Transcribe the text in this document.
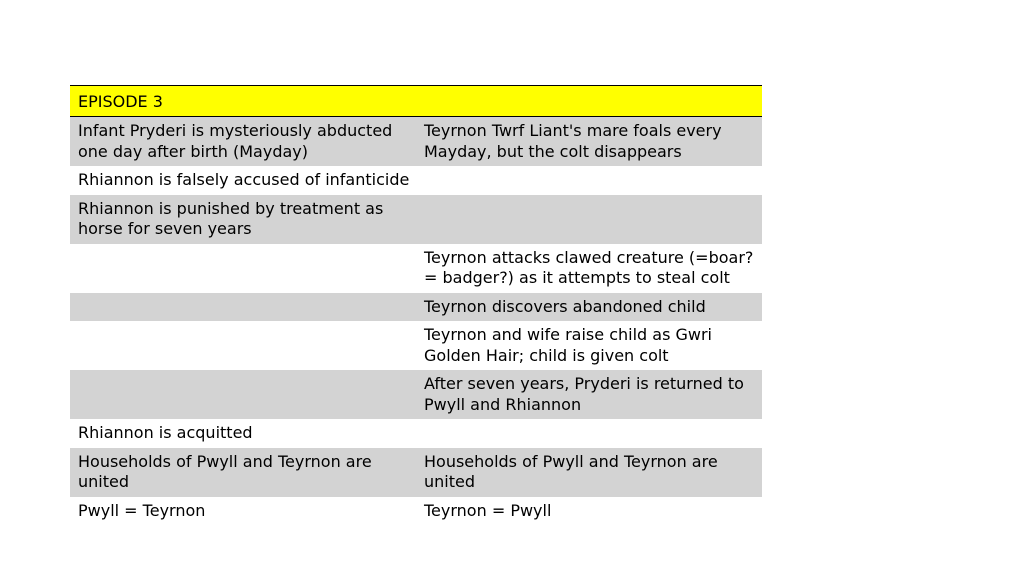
EPISODE 3
Infant Pryderi is mysteriously abducted one day after birth (Mayday)
Teyrnon Twrf Liant's mare foals every Mayday, but the colt disappears
Rhiannon is falsely accused of infanticide
Rhiannon is punished by treatment as horse for seven years
Teyrnon attacks clawed creature (=boar?= badger?) as it attempts to steal colt
Teyrnon discovers abandoned child
Teyrnon and wife raise child as Gwri Golden Hair; child is given colt
After seven years, Pryderi is returned to Pwyll and Rhiannon
Rhiannon is acquitted
Households of Pwyll and Teyrnon are united
Households of Pwyll and Teyrnon are united
Pwyll = Teyrnon	Teyrnon = Pwyll
